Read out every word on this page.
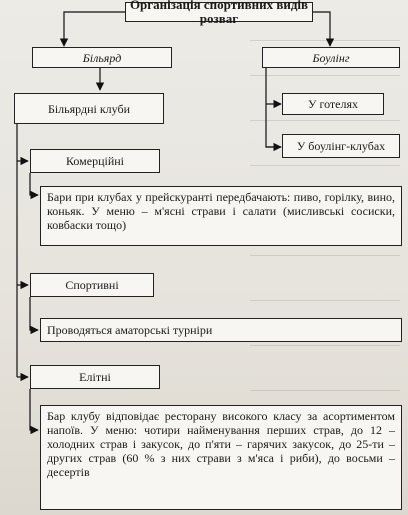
Організація спортивних видів розваг
Більярд	Боулінг
Більярдні клуби	У готелях
У боулінг-клубах
Комерційні
Бари при клубах у прейскуранті передбачають: пиво, горілку, вино, коньяк. У меню – м'ясні страви і салати (мисливські сосиски, ковбаски тощо)
Спортивні
Проводяться аматорські турніри
Елітні
Бар клубу відповідає ресторану високого класу за асортиментом напоїв. У меню: чотири найменування перших страв, до 12 – холодних страв і закусок, до п'яти – гарячих закусок, до 25-ти – других страв (60 % з них страви з м'яса і риби), до восьми – десертів
